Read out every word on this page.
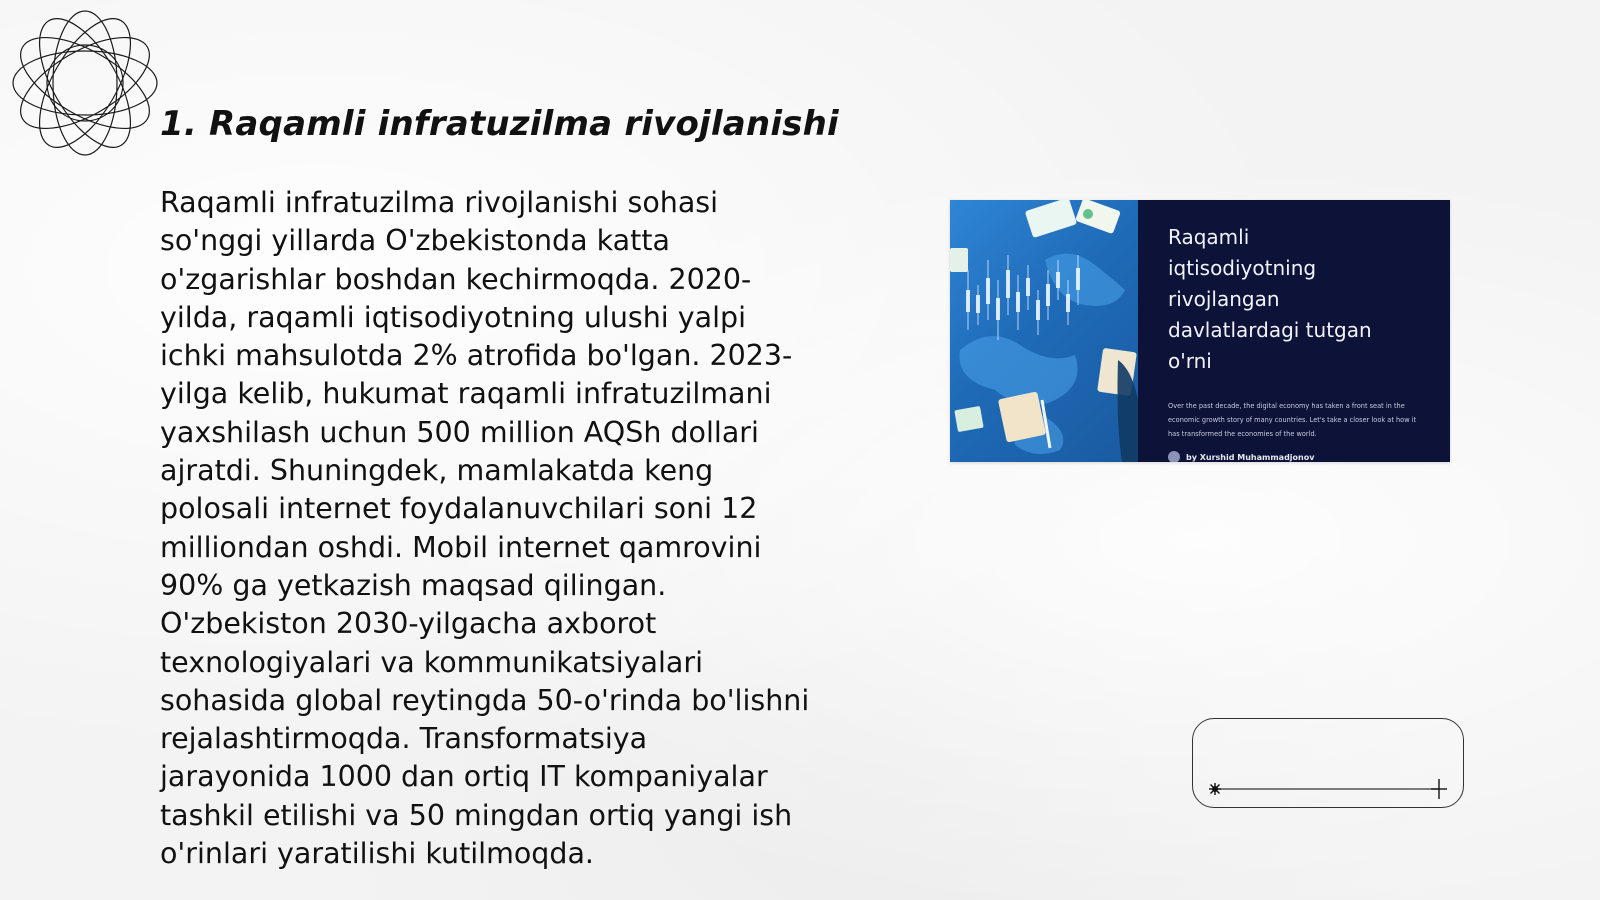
1. Raqamli infratuzilma rivojlanishi

Raqamli infratuzilma rivojlanishi sohasi
so'nggi yillarda O'zbekistonda katta
o'zgarishlar boshdan kechirmoqda. 2020-
yilda, raqamli iqtisodiyotning ulushi yalpi
ichki mahsulotda 2% atrofida bo'lgan. 2023-
yilga kelib, hukumat raqamli infratuzilmani
yaxshilash uchun 500 million AQSh dollari
ajratdi. Shuningdek, mamlakatda keng
polosali internet foydalanuvchilari soni 12
milliondan oshdi. Mobil internet qamrovini
90% ga yetkazish maqsad qilingan.
O'zbekiston 2030-yilgacha axborot
texnologiyalari va kommunikatsiyalari
sohasida global reytingda 50-o'rinda bo'lishni
rejalashtirmoqda. Transformatsiya
jarayonida 1000 dan ortiq IT kompaniyalar
tashkil etilishi va 50 mingdan ortiq yangi ish
o'rinlari yaratilishi kutilmoqda.

Raqamli
iqtisodiyotning
rivojlangan
davlatlardagi tutgan
o'rni

Over the past decade, the digital economy has taken a front seat in the economic growth story of many countries. Let's take a closer look at how it has transformed the economies of the world.

by Xurshid Muhammadjonov
